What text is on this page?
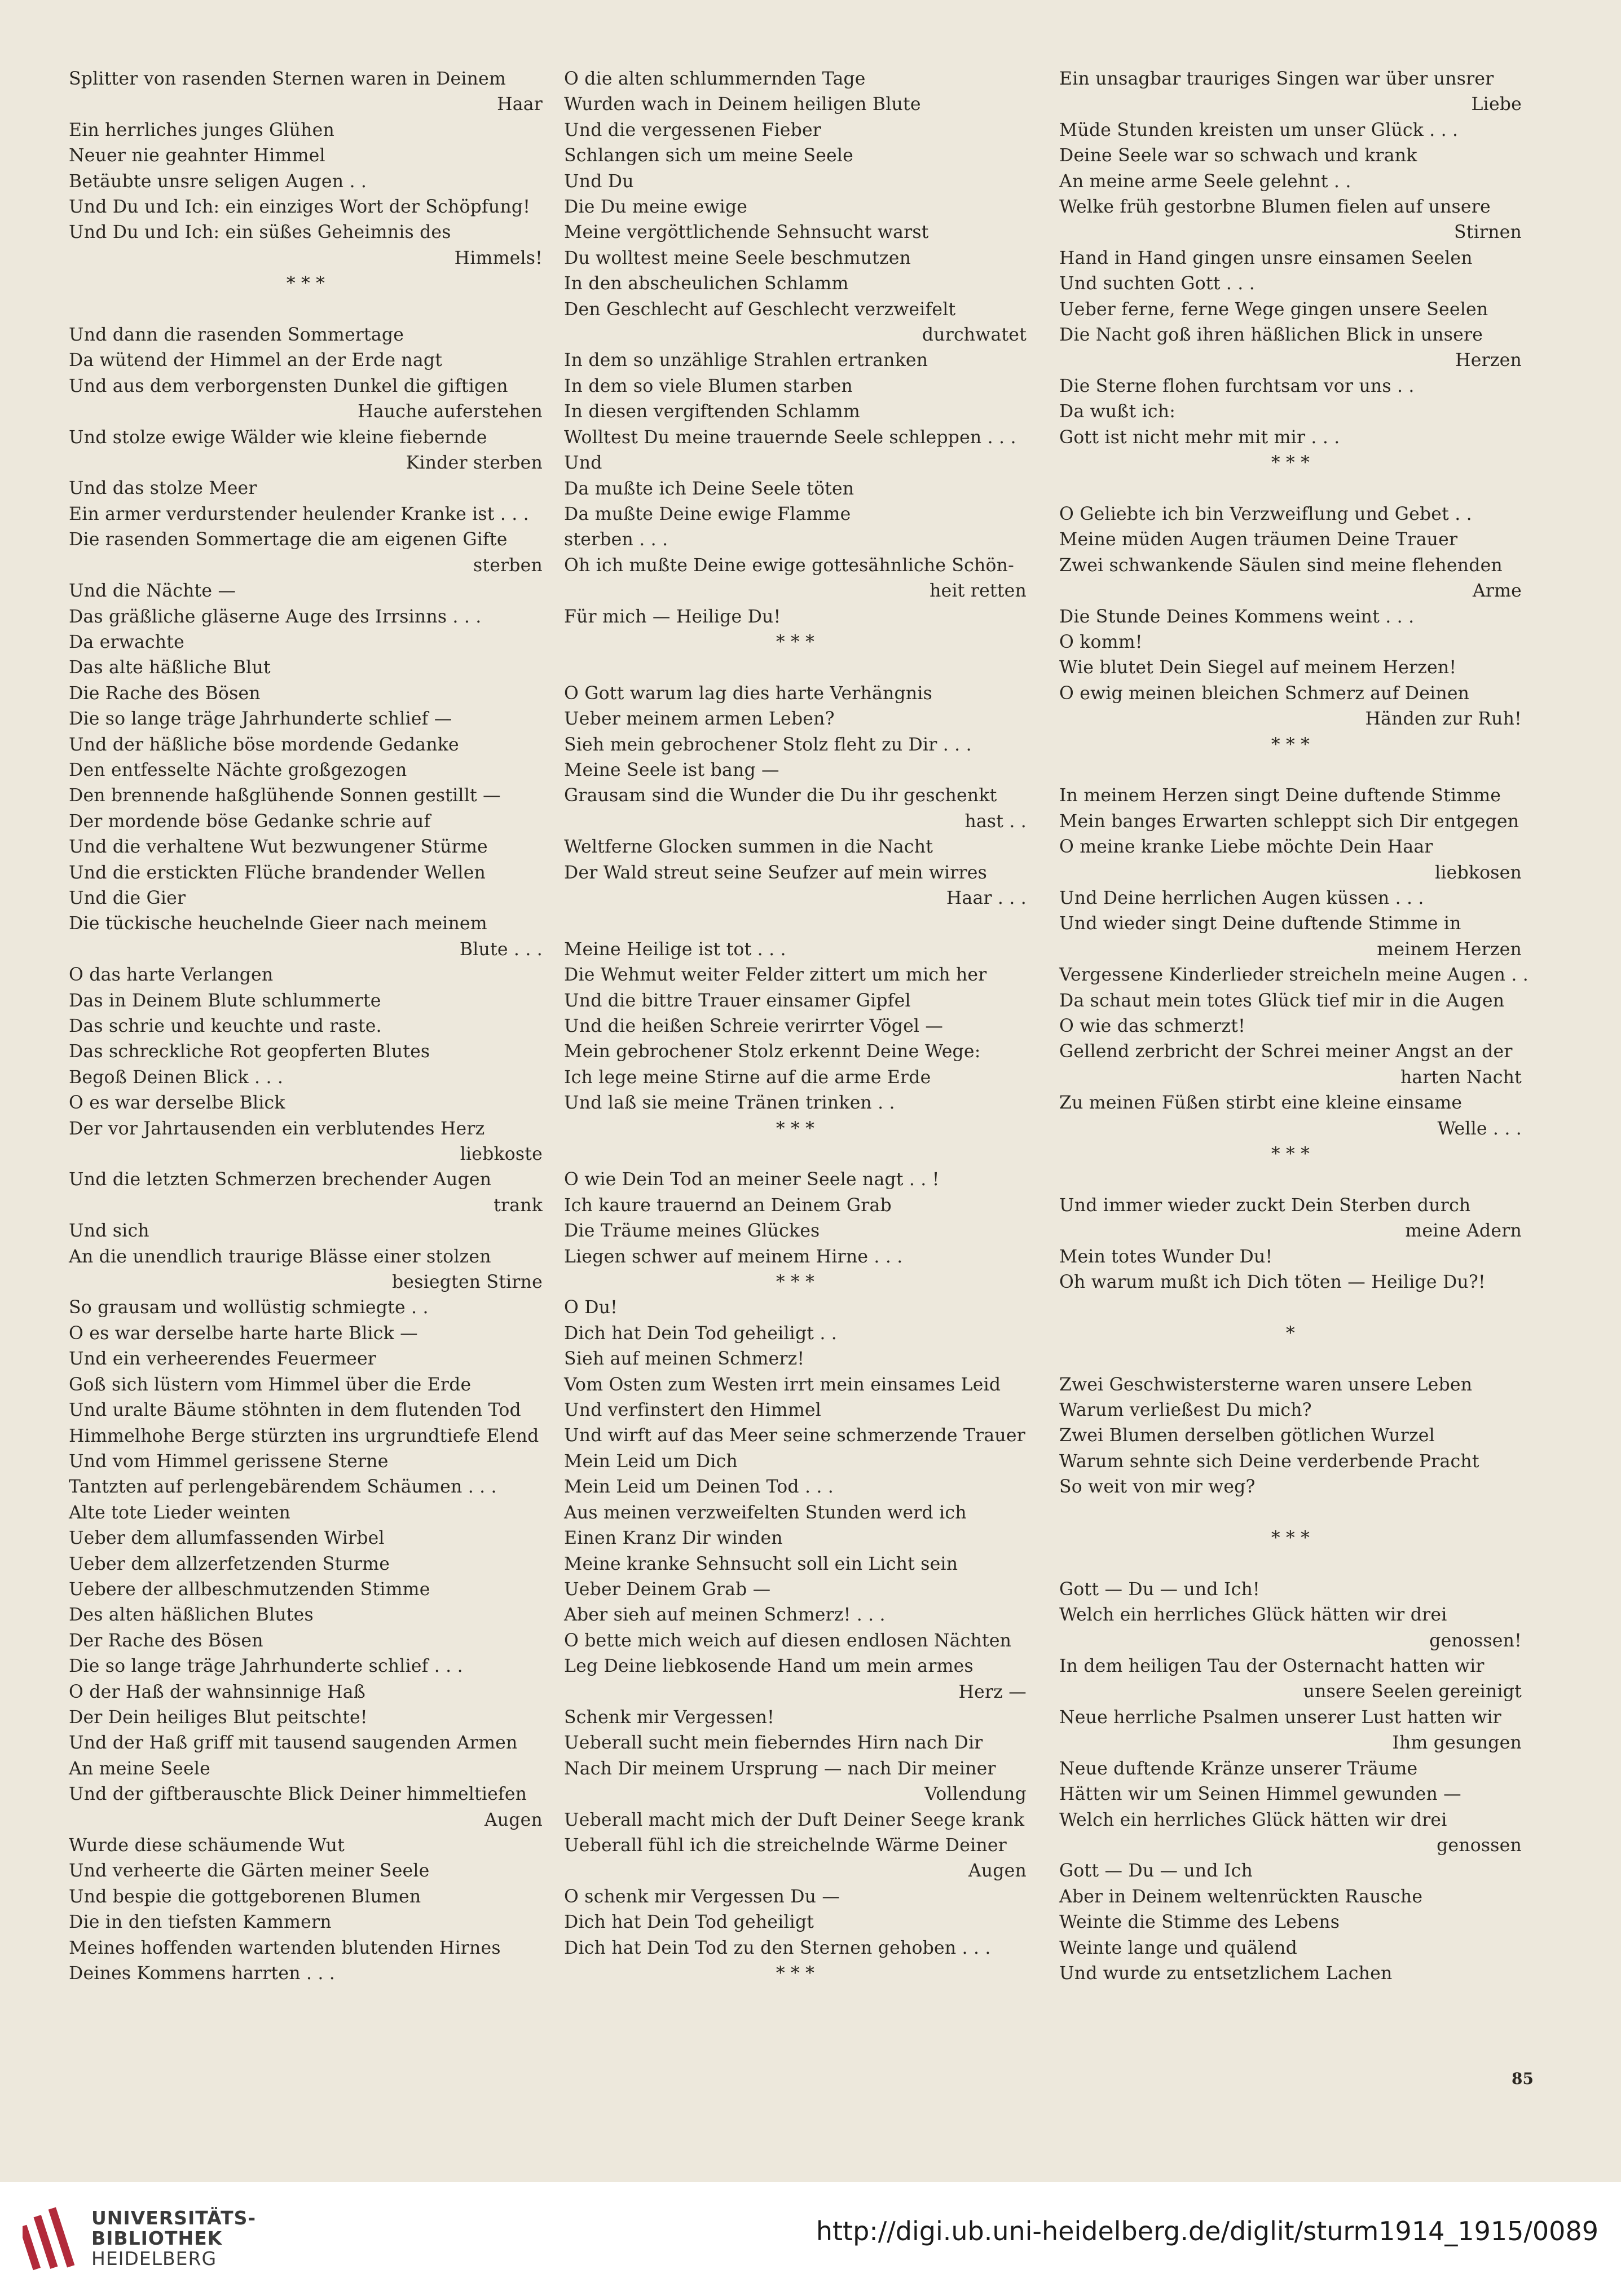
Splitter von rasenden Sternen waren in Deinem
Haar
Ein herrliches junges Glühen
Neuer nie geahnter Himmel
Betäubte unsre seligen Augen . .
Und Du und Ich: ein einziges Wort der Schöpfung!
Und Du und Ich: ein süßes Geheimnis des
Himmels!
* * *
Und dann die rasenden Sommertage
Da wütend der Himmel an der Erde nagt
Und aus dem verborgensten Dunkel die giftigen
Hauche auferstehen
Und stolze ewige Wälder wie kleine fiebernde
Kinder sterben
Und das stolze Meer
Ein armer verdurstender heulender Kranke ist . . .
Die rasenden Sommertage die am eigenen Gifte
sterben
Und die Nächte —
Das gräßliche gläserne Auge des Irrsinns . . .
Da erwachte
Das alte häßliche Blut
Die Rache des Bösen
Die so lange träge Jahrhunderte schlief —
Und der häßliche böse mordende Gedanke
Den entfesselte Nächte großgezogen
Den brennende haßglühende Sonnen gestillt —
Der mordende böse Gedanke schrie auf
Und die verhaltene Wut bezwungener Stürme
Und die erstickten Flüche brandender Wellen
Und die Gier
Die tückische heuchelnde Gieer nach meinem
Blute . . .
O das harte Verlangen
Das in Deinem Blute schlummerte
Das schrie und keuchte und raste.
Das schreckliche Rot geopferten Blutes
Begoß Deinen Blick . . .
O es war derselbe Blick
Der vor Jahrtausenden ein verblutendes Herz
liebkoste
Und die letzten Schmerzen brechender Augen
trank
Und sich
An die unendlich traurige Blässe einer stolzen
besiegten Stirne
So grausam und wollüstig schmiegte . .
O es war derselbe harte harte Blick —
Und ein verheerendes Feuermeer
Goß sich lüstern vom Himmel über die Erde
Und uralte Bäume stöhnten in dem flutenden Tod
Himmelhohe Berge stürzten ins urgrundtiefe Elend
Und vom Himmel gerissene Sterne
Tantzten auf perlengebärendem Schäumen . . .
Alte tote Lieder weinten
Ueber dem allumfassenden Wirbel
Ueber dem allzerfetzenden Sturme
Uebere der allbeschmutzenden Stimme
Des alten häßlichen Blutes
Der Rache des Bösen
Die so lange träge Jahrhunderte schlief . . .
O der Haß der wahnsinnige Haß
Der Dein heiliges Blut peitschte!
Und der Haß griff mit tausend saugenden Armen
An meine Seele
Und der giftberauschte Blick Deiner himmeltiefen
Augen
Wurde diese schäumende Wut
Und verheerte die Gärten meiner Seele
Und bespie die gottgeborenen Blumen
Die in den tiefsten Kammern
Meines hoffenden wartenden blutenden Hirnes
Deines Kommens harrten . . .
O die alten schlummernden Tage
Wurden wach in Deinem heiligen Blute
Und die vergessenen Fieber
Schlangen sich um meine Seele
Und Du
Die Du meine ewige
Meine vergöttlichende Sehnsucht warst
Du wolltest meine Seele beschmutzen
In den abscheulichen Schlamm
Den Geschlecht auf Geschlecht verzweifelt
durchwatet
In dem so unzählige Strahlen ertranken
In dem so viele Blumen starben
In diesen vergiftenden Schlamm
Wolltest Du meine trauernde Seele schleppen . . .
Und
Da mußte ich Deine Seele töten
Da mußte Deine ewige Flamme
sterben . . .
Oh ich mußte Deine ewige gottesähnliche Schön-
heit retten
Für mich — Heilige Du!
* * *
O Gott warum lag dies harte Verhängnis
Ueber meinem armen Leben?
Sieh mein gebrochener Stolz fleht zu Dir . . .
Meine Seele ist bang —
Grausam sind die Wunder die Du ihr geschenkt
hast . .
Weltferne Glocken summen in die Nacht
Der Wald streut seine Seufzer auf mein wirres
Haar . . .
Meine Heilige ist tot . . .
Die Wehmut weiter Felder zittert um mich her
Und die bittre Trauer einsamer Gipfel
Und die heißen Schreie verirrter Vögel —
Mein gebrochener Stolz erkennt Deine Wege:
Ich lege meine Stirne auf die arme Erde
Und laß sie meine Tränen trinken . .
* * *
O wie Dein Tod an meiner Seele nagt . . !
Ich kaure trauernd an Deinem Grab
Die Träume meines Glückes
Liegen schwer auf meinem Hirne . . .
* * *
O Du!
Dich hat Dein Tod geheiligt . .
Sieh auf meinen Schmerz!
Vom Osten zum Westen irrt mein einsames Leid
Und verfinstert den Himmel
Und wirft auf das Meer seine schmerzende Trauer
Mein Leid um Dich
Mein Leid um Deinen Tod . . .
Aus meinen verzweifelten Stunden werd ich
Einen Kranz Dir winden
Meine kranke Sehnsucht soll ein Licht sein
Ueber Deinem Grab —
Aber sieh auf meinen Schmerz! . . .
O bette mich weich auf diesen endlosen Nächten
Leg Deine liebkosende Hand um mein armes
Herz —
Schenk mir Vergessen!
Ueberall sucht mein fieberndes Hirn nach Dir
Nach Dir meinem Ursprung — nach Dir meiner
Vollendung
Ueberall macht mich der Duft Deiner Seege krank
Ueberall fühl ich die streichelnde Wärme Deiner
Augen
O schenk mir Vergessen Du —
Dich hat Dein Tod geheiligt
Dich hat Dein Tod zu den Sternen gehoben . . .
* * *
Ein unsagbar trauriges Singen war über unsrer
Liebe
Müde Stunden kreisten um unser Glück . . .
Deine Seele war so schwach und krank
An meine arme Seele gelehnt . .
Welke früh gestorbne Blumen fielen auf unsere
Stirnen
Hand in Hand gingen unsre einsamen Seelen
Und suchten Gott . . .
Ueber ferne, ferne Wege gingen unsere Seelen
Die Nacht goß ihren häßlichen Blick in unsere
Herzen
Die Sterne flohen furchtsam vor uns . .
Da wußt ich:
Gott ist nicht mehr mit mir . . .
* * *
O Geliebte ich bin Verzweiflung und Gebet . .
Meine müden Augen träumen Deine Trauer
Zwei schwankende Säulen sind meine flehenden
Arme
Die Stunde Deines Kommens weint . . .
O komm!
Wie blutet Dein Siegel auf meinem Herzen!
O ewig meinen bleichen Schmerz auf Deinen
Händen zur Ruh!
* * *
In meinem Herzen singt Deine duftende Stimme
Mein banges Erwarten schleppt sich Dir entgegen
O meine kranke Liebe möchte Dein Haar
liebkosen
Und Deine herrlichen Augen küssen . . .
Und wieder singt Deine duftende Stimme in
meinem Herzen
Vergessene Kinderlieder streicheln meine Augen . .
Da schaut mein totes Glück tief mir in die Augen
O wie das schmerzt!
Gellend zerbricht der Schrei meiner Angst an der
harten Nacht
Zu meinen Füßen stirbt eine kleine einsame
Welle . . .
* * *
Und immer wieder zuckt Dein Sterben durch
meine Adern
Mein totes Wunder Du!
Oh warum mußt ich Dich töten — Heilige Du?!
*
Zwei Geschwistersterne waren unsere Leben
Warum verließest Du mich?
Zwei Blumen derselben götlichen Wurzel
Warum sehnte sich Deine verderbende Pracht
So weit von mir weg?
* * *
Gott — Du — und Ich!
Welch ein herrliches Glück hätten wir drei
genossen!
In dem heiligen Tau der Osternacht hatten wir
unsere Seelen gereinigt
Neue herrliche Psalmen unserer Lust hatten wir
Ihm gesungen
Neue duftende Kränze unserer Träume
Hätten wir um Seinen Himmel gewunden —
Welch ein herrliches Glück hätten wir drei
genossen
Gott — Du — und Ich
Aber in Deinem weltenrückten Rausche
Weinte die Stimme des Lebens
Weinte lange und quälend
Und wurde zu entsetzlichem Lachen
85
UNIVERSITÄTS-
BIBLIOTHEK
HEIDELBERG
http://digi.ub.uni-heidelberg.de/diglit/sturm1914_1915/0089
